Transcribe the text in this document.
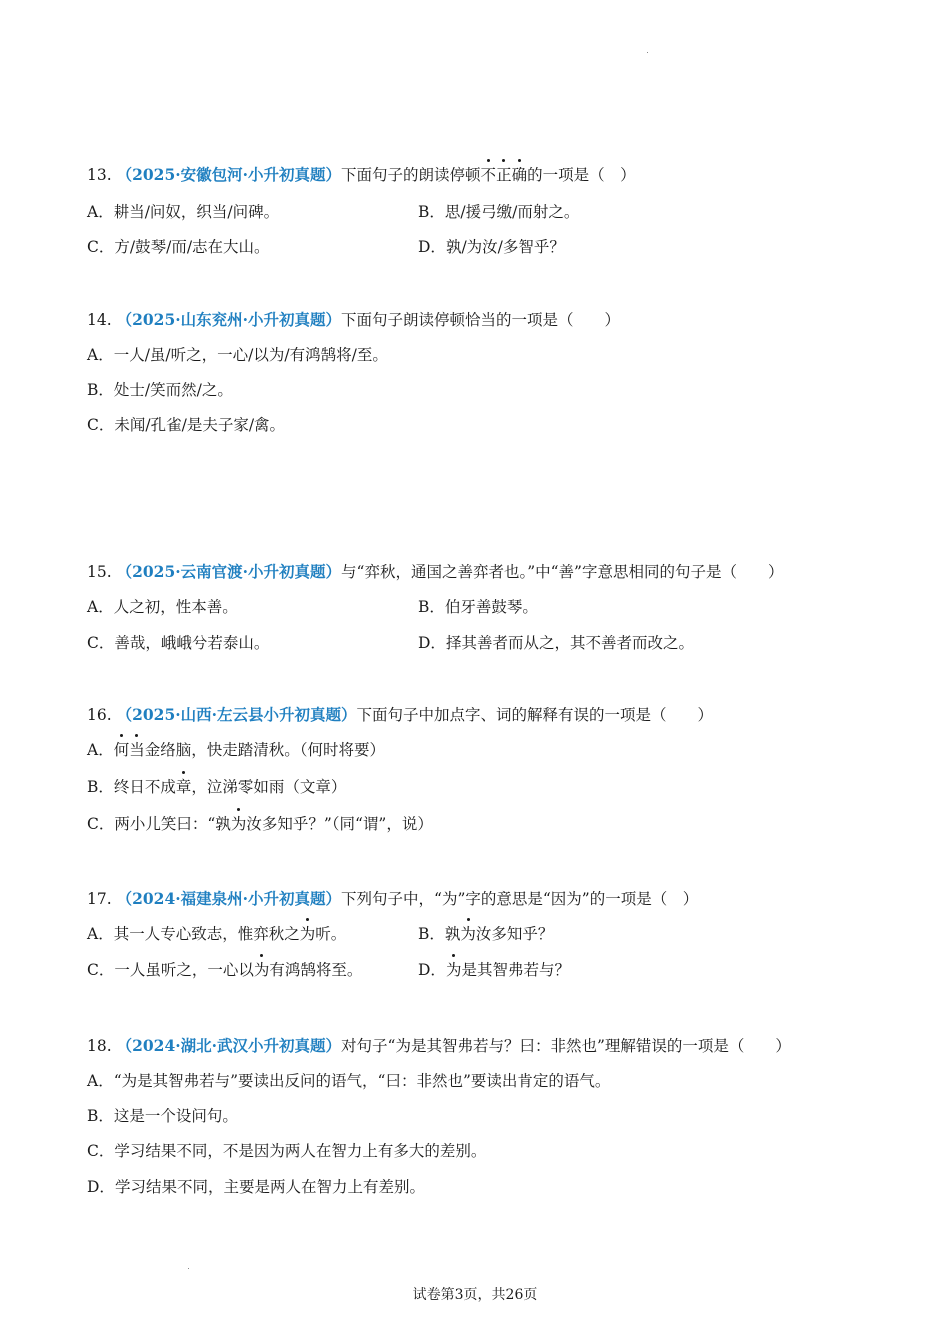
13. （2025·安徽包河·小升初真题）下面句子的朗读停顿不正确的一项是（　）
A．耕当/问奴，织当/问碑。	B．思/援弓缴/而射之。
C．方/鼓琴/而/志在大山。	D．孰/为汝/多智乎？
14. （2025·山东兖州·小升初真题）下面句子朗读停顿恰当的一项是（　　）
A．一人/虽/听之，一心/以为/有鸿鹄将/至。
B．处士/笑而然/之。
C．未闻/孔雀/是夫子家/禽。
15. （2025·云南官渡·小升初真题）与“弈秋，通国之善弈者也。”中“善”字意思相同的句子是（　　）
A．人之初，性本善。	B．伯牙善鼓琴。
C．善哉，峨峨兮若泰山。	D．择其善者而从之，其不善者而改之。
16. （2025·山西·左云县小升初真题）下面句子中加点字、词的解释有误的一项是（　　）
A．何当金络脑，快走踏清秋。（何时将要）
B．终日不成章，泣涕零如雨（文章）
C．两小儿笑曰：“孰为汝多知乎？”（同“谓”，说）
17. （2024·福建泉州·小升初真题）下列句子中，“为”字的意思是“因为”的一项是（　）
A．其一人专心致志，惟弈秋之为听。	B．孰为汝多知乎？
C．一人虽听之，一心以为有鸿鹄将至。	D．为是其智弗若与？
18. （2024·湖北·武汉小升初真题）对句子“为是其智弗若与？曰：非然也”理解错误的一项是（　　）
A．“为是其智弗若与”要读出反问的语气，“曰：非然也”要读出肯定的语气。
B．这是一个设问句。
C．学习结果不同，不是因为两人在智力上有多大的差别。
D．学习结果不同，主要是两人在智力上有差别。
试卷第3页，共26页
